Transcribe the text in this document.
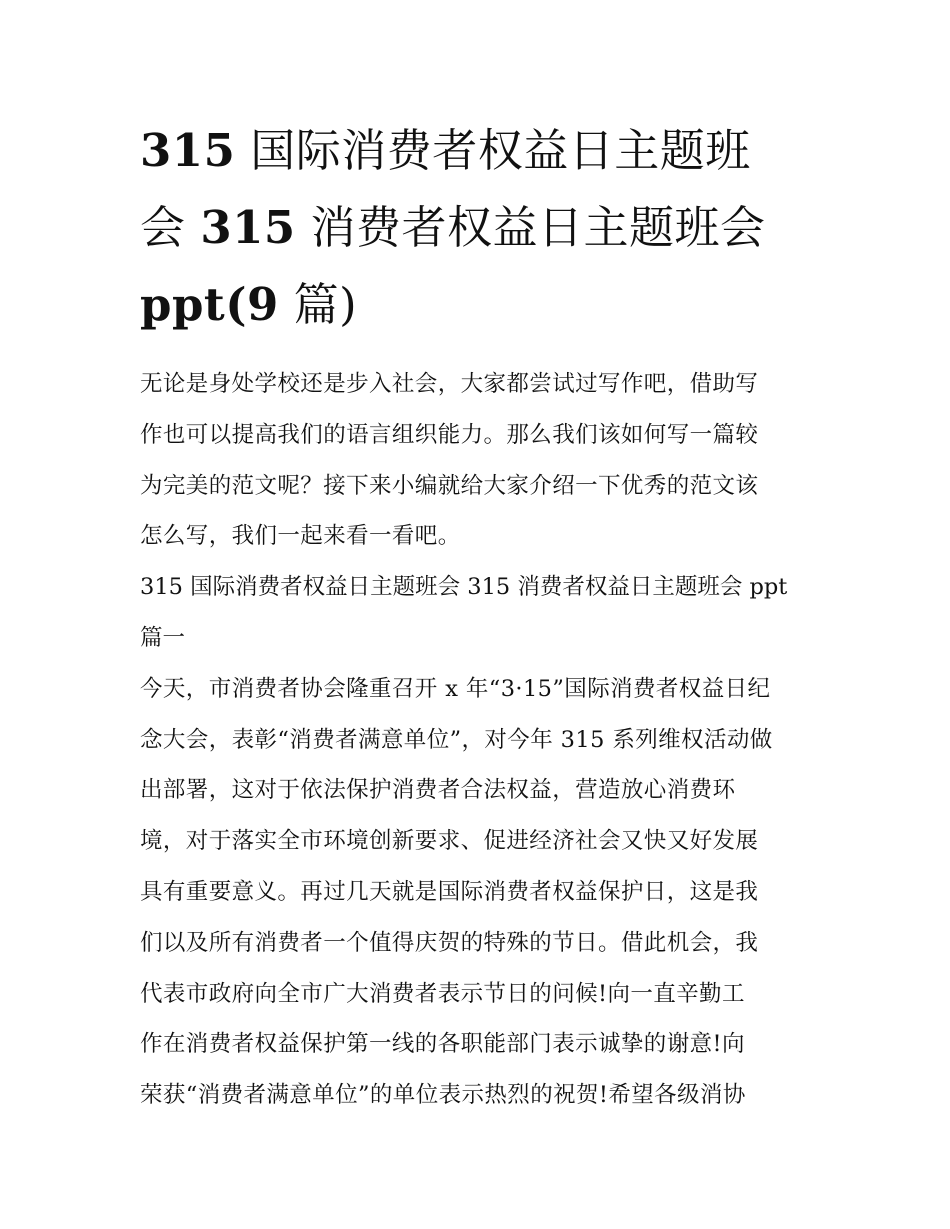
315 国际消费者权益日主题班
会 315 消费者权益日主题班会
ppt(9 篇)
无论是身处学校还是步入社会，大家都尝试过写作吧，借助写
作也可以提高我们的语言组织能力。那么我们该如何写一篇较
为完美的范文呢？接下来小编就给大家介绍一下优秀的范文该
怎么写，我们一起来看一看吧。
315 国际消费者权益日主题班会 315 消费者权益日主题班会 ppt
篇一
今天，市消费者协会隆重召开 x 年“3·15”国际消费者权益日纪
念大会，表彰“消费者满意单位”，对今年 315 系列维权活动做
出部署，这对于依法保护消费者合法权益，营造放心消费环
境，对于落实全市环境创新要求、促进经济社会又快又好发展
具有重要意义。再过几天就是国际消费者权益保护日，这是我
们以及所有消费者一个值得庆贺的特殊的节日。借此机会，我
代表市政府向全市广大消费者表示节日的问候!向一直辛勤工
作在消费者权益保护第一线的各职能部门表示诚挚的谢意!向
荣获“消费者满意单位”的单位表示热烈的祝贺!希望各级消协
